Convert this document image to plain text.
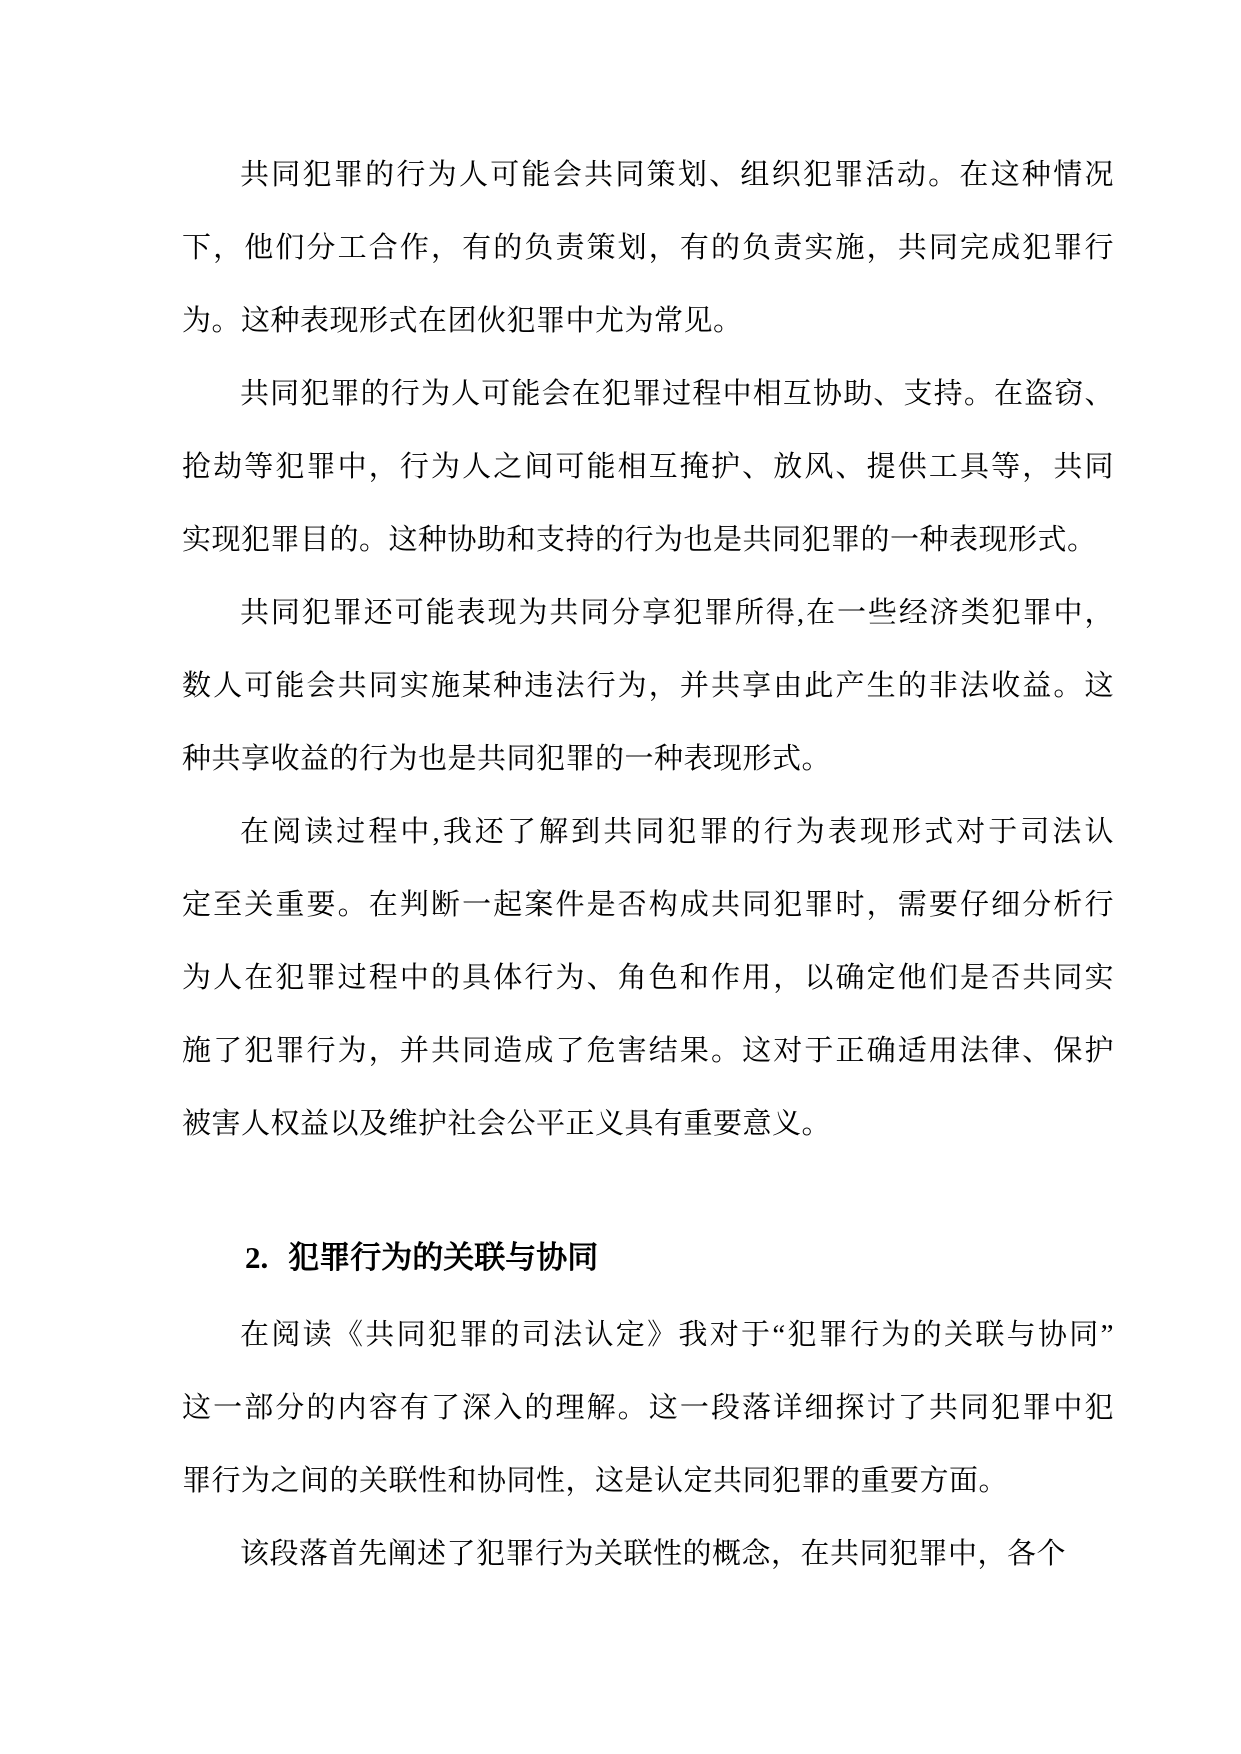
共同犯罪的行为人可能会共同策划、组织犯罪活动。在这种情况
下，他们分工合作，有的负责策划，有的负责实施，共同完成犯罪行
为。这种表现形式在团伙犯罪中尤为常见。
共同犯罪的行为人可能会在犯罪过程中相互协助、支持。在盗窃、
抢劫等犯罪中，行为人之间可能相互掩护、放风、提供工具等，共同
实现犯罪目的。这种协助和支持的行为也是共同犯罪的一种表现形式。
共同犯罪还可能表现为共同分享犯罪所得,在一些经济类犯罪中，
数人可能会共同实施某种违法行为，并共享由此产生的非法收益。这
种共享收益的行为也是共同犯罪的一种表现形式。
在阅读过程中,我还了解到共同犯罪的行为表现形式对于司法认
定至关重要。在判断一起案件是否构成共同犯罪时，需要仔细分析行
为人在犯罪过程中的具体行为、角色和作用，以确定他们是否共同实
施了犯罪行为，并共同造成了危害结果。这对于正确适用法律、保护
被害人权益以及维护社会公平正义具有重要意义。
2. 犯罪行为的关联与协同
在阅读《共同犯罪的司法认定》我对于“犯罪行为的关联与协同”
这一部分的内容有了深入的理解。这一段落详细探讨了共同犯罪中犯
罪行为之间的关联性和协同性，这是认定共同犯罪的重要方面。
该段落首先阐述了犯罪行为关联性的概念，在共同犯罪中，各个
